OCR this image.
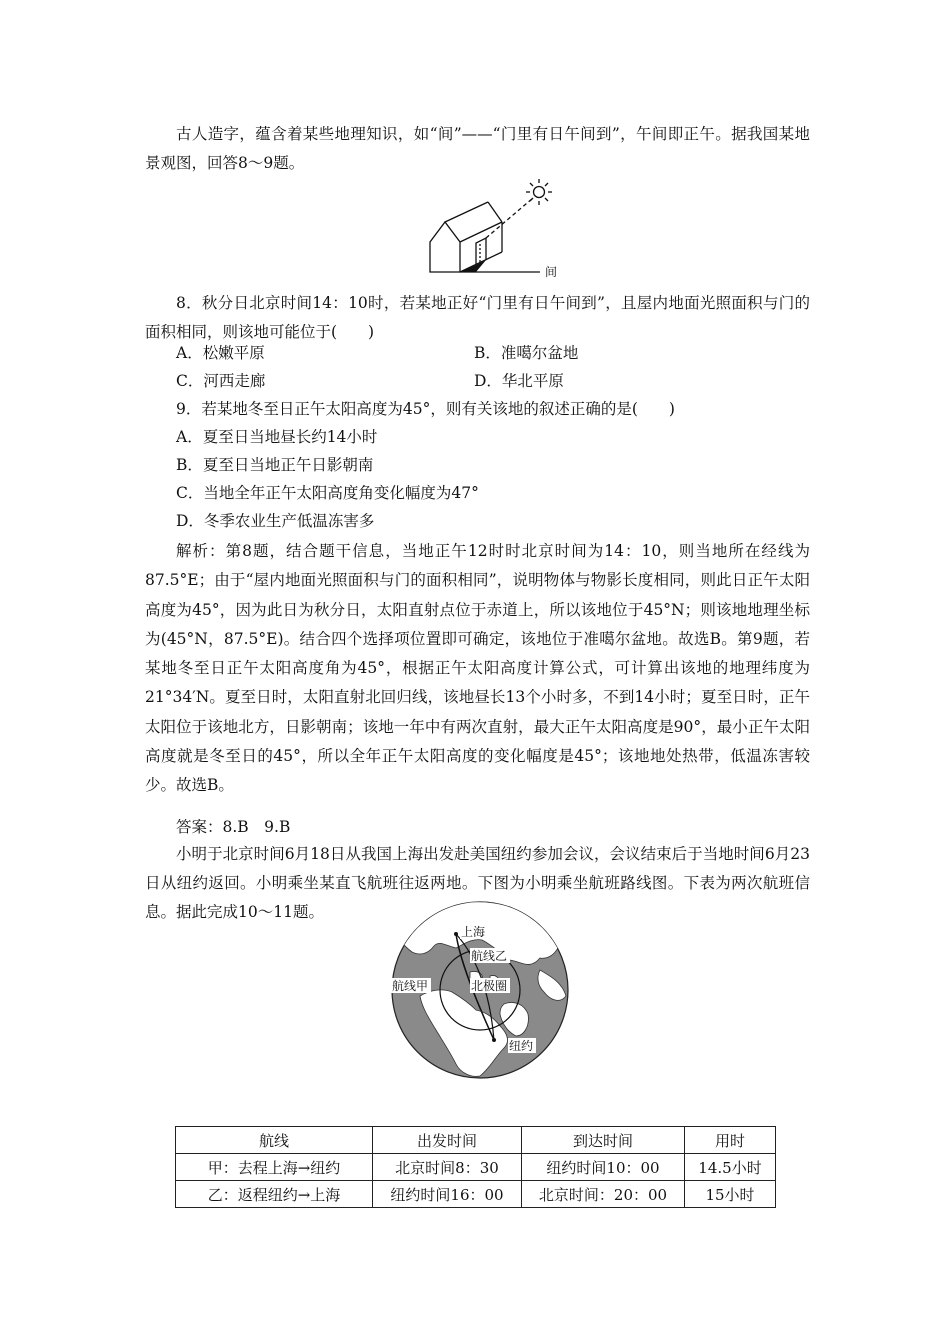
古人造字，蕴含着某些地理知识，如“间”——“门里有日午间到”，午间即正午。据我国某地景观图，回答8～9题。

间

8．秋分日北京时间14：10时，若某地正好“门里有日午间到”，且屋内地面光照面积与门的面积相同，则该地可能位于(　　)

A．松嫩平原	B．准噶尔盆地
C．河西走廊	D．华北平原
9．若某地冬至日正午太阳高度为45°，则有关该地的叙述正确的是(　　)
A．夏至日当地昼长约14小时
B．夏至日当地正午日影朝南
C．当地全年正午太阳高度角变化幅度为47°
D．冬季农业生产低温冻害多

解析：第8题，结合题干信息，当地正午12时时北京时间为14：10，则当地所在经线为87.5°E；由于“屋内地面光照面积与门的面积相同”，说明物体与物影长度相同，则此日正午太阳高度为45°，因为此日为秋分日，太阳直射点位于赤道上，所以该地位于45°N；则该地地理坐标为(45°N，87.5°E)。结合四个选择项位置即可确定，该地位于准噶尔盆地。故选B。第9题，若某地冬至日正午太阳高度角为45°，根据正午太阳高度计算公式，可计算出该地的地理纬度为21°34′N。夏至日时，太阳直射北回归线，该地昼长13个小时多，不到14小时；夏至日时，正午太阳位于该地北方，日影朝南；该地一年中有两次直射，最大正午太阳高度是90°，最小正午太阳高度就是冬至日的45°，所以全年正午太阳高度的变化幅度是45°；该地地处热带，低温冻害较少。故选B。

答案：8.B　9.B

小明于北京时间6月18日从我国上海出发赴美国纽约参加会议，会议结束后于当地时间6月23日从纽约返回。小明乘坐某直飞航班往返两地。下图为小明乘坐航班路线图。下表为两次航班信息。据此完成10～11题。

上海
航线乙
航线甲	北极圈
纽约
航线	出发时间	到达时间	用时
甲：去程上海→纽约	北京时间8：30	纽约时间10：00	14.5小时
乙：返程纽约→上海	纽约时间16：00	北京时间：20：00	15小时
